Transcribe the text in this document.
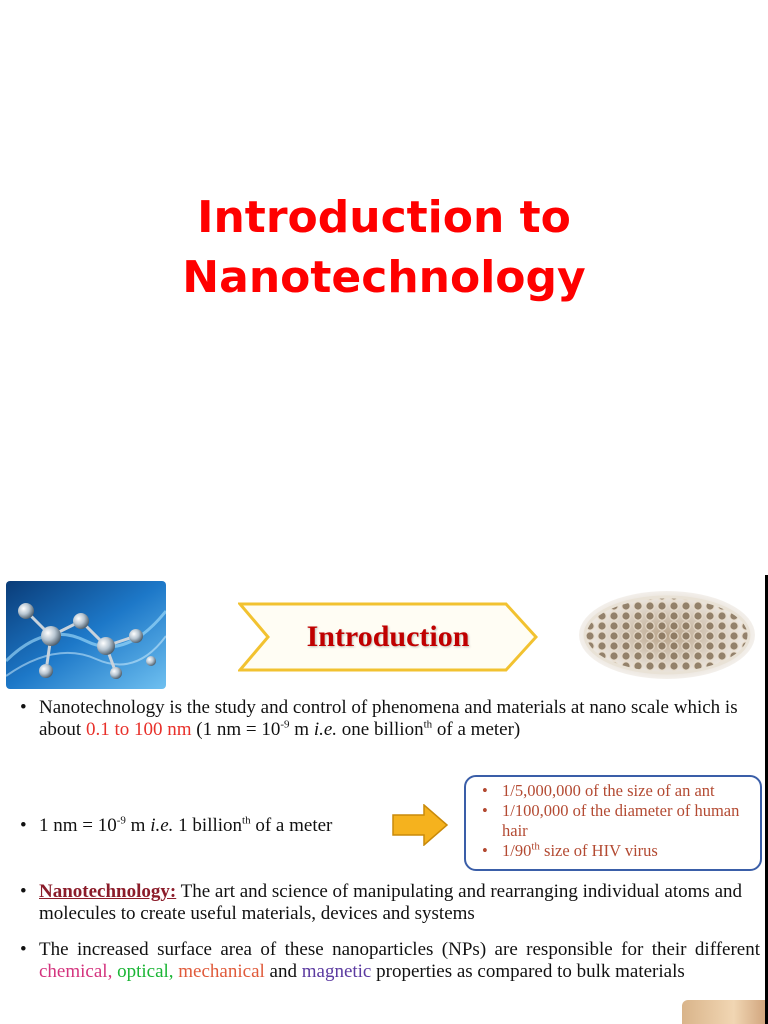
Introduction to
Nanotechnology
Introduction

• Nanotechnology is the study and control of phenomena and materials at nano scale which is about 0.1 to 100 nm (1 nm = $10^{-9}$ m i.e. one billion$^{th}$ of a meter)

• 1 nm = $10^{-9}$ m i.e. 1 billion$^{th}$ of a meter

• 1/5,000,000 of the size of an ant
• 1/100,000 of the diameter of human hair
• 1/90th size of HIV virus

• Nanotechnology: The art and science of manipulating and rearranging individual atoms and molecules to create useful materials, devices and systems

• The increased surface area of these nanoparticles (NPs) are responsible for their different chemical, optical, mechanical and magnetic properties as compared to bulk materials
